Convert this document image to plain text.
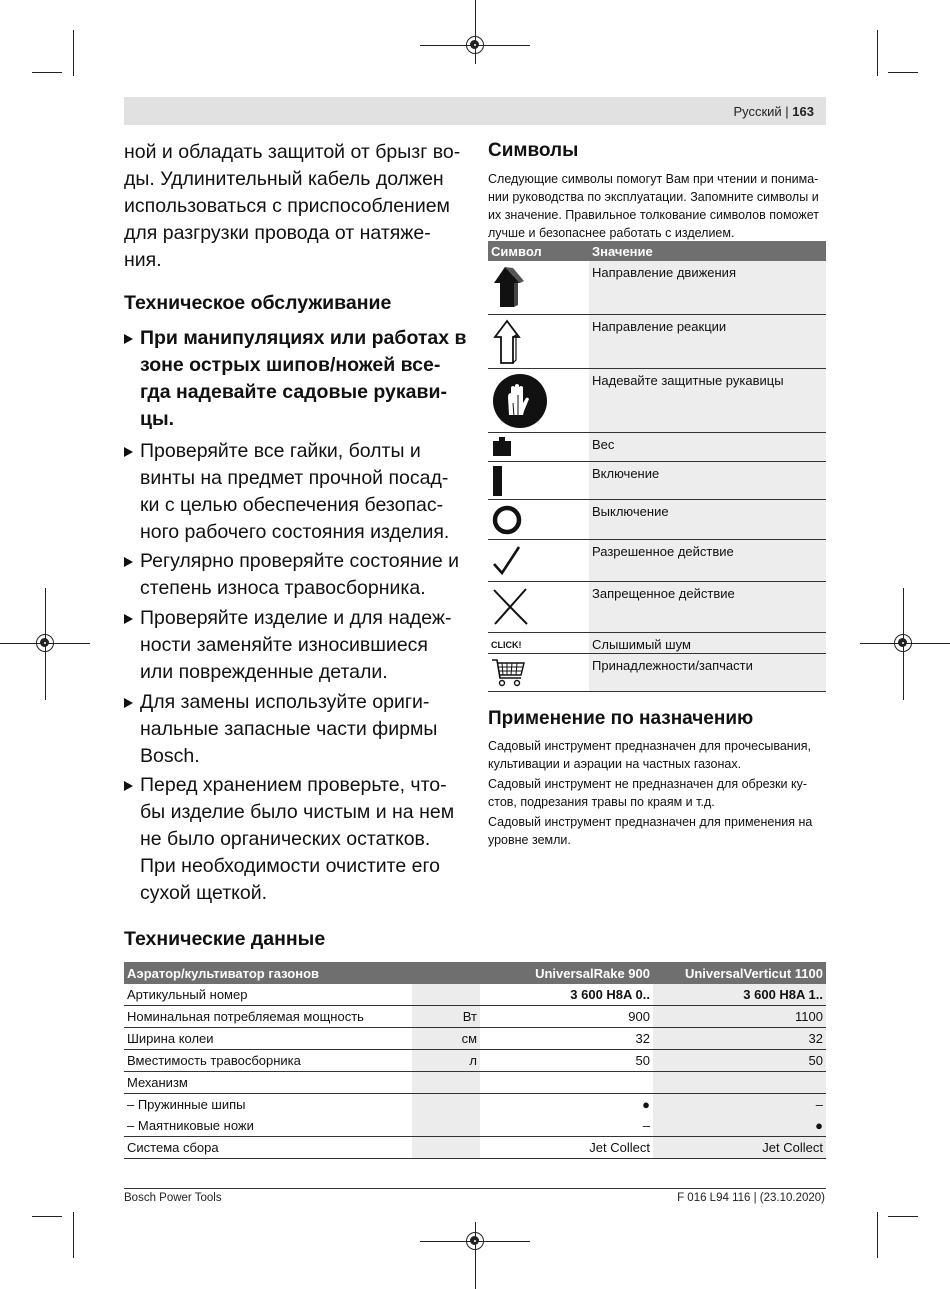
Русский | 163
ной и обладать защитой от брызг во-
ды. Удлинительный кабель должен
использоваться с приспособлением
для разгрузки провода от натяже-
ния.
Техническое обслуживание
При манипуляциях или работах в
зоне острых шипов/ножей все-
гда надевайте садовые рукави-
цы.
Проверяйте все гайки, болты и
винты на предмет прочной посад-
ки с целью обеспечения безопас-
ного рабочего состояния изделия.
Регулярно проверяйте состояние и
степень износа травосборника.
Проверяйте изделие и для надеж-
ности заменяйте износившиеся
или поврежденные детали.
Для замены используйте ориги-
нальные запасные части фирмы
Bosch.
Перед хранением проверьте, что-
бы изделие было чистым и на нем
не было органических остатков.
При необходимости очистите его
сухой щеткой.
Символы
Следующие символы помогут Вам при чтении и понима-
нии руководства по эксплуатации. Запомните символы и
их значение. Правильное толкование символов поможет
лучше и безопаснее работать с изделием.
Символ	Значение
	Направление движения
	Направление реакции
	Надевайте защитные рукавицы
	Вес
	Включение
	Выключение
	Разрешенное действие
	Запрещенное действие
CLICK!	Слышимый шум
	Принадлежности/запчасти
Применение по назначению
Садовый инструмент предназначен для прочесывания,
культивации и аэрации на частных газонах.
Садовый инструмент не предназначен для обрезки ку-
стов, подрезания травы по краям и т.д.
Садовый инструмент предназначен для применения на
уровне земли.
Технические данные
Аэратор/культиватор газонов		UniversalRake 900	UniversalVerticut 1100
Артикульный номер		3 600 H8A 0..	3 600 H8A 1..
Номинальная потребляемая мощность	Вт	900	1100
Ширина колеи	см	32	32
Вместимость травосборника	л	50	50
Механизм			
– Пружинные шипы		●	–
– Маятниковые ножи		–	●
Система сбора		Jet Collect	Jet Collect
Bosch Power Tools	F 016 L94 116 | (23.10.2020)
